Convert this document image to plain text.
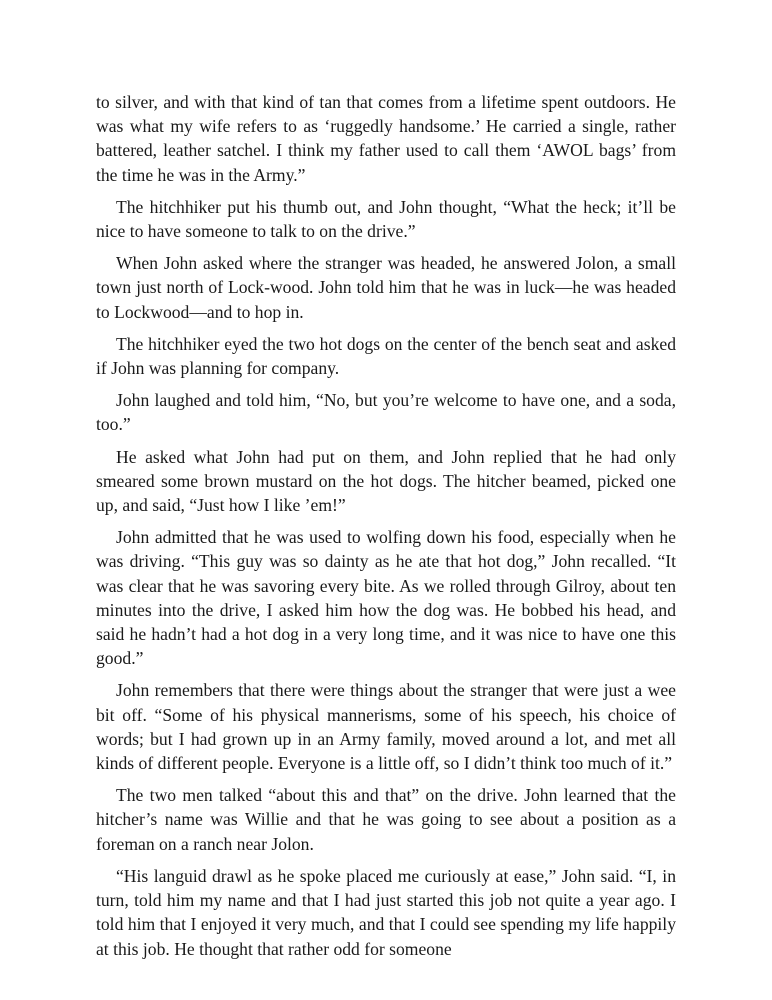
to silver, and with that kind of tan that comes from a lifetime spent outdoors. He was what my wife refers to as ‘ruggedly handsome.’ He carried a single, rather battered, leather satchel. I think my father used to call them ‘AWOL bags’ from the time he was in the Army.”

The hitchhiker put his thumb out, and John thought, “What the heck; it’ll be nice to have someone to talk to on the drive.”

When John asked where the stranger was headed, he answered Jolon, a small town just north of Lock-wood. John told him that he was in luck—he was headed to Lockwood—and to hop in.

The hitchhiker eyed the two hot dogs on the center of the bench seat and asked if John was planning for company.

John laughed and told him, “No, but you’re welcome to have one, and a soda, too.”

He asked what John had put on them, and John replied that he had only smeared some brown mustard on the hot dogs. The hitcher beamed, picked one up, and said, “Just how I like ’em!”

John admitted that he was used to wolfing down his food, especially when he was driving. “This guy was so dainty as he ate that hot dog,” John recalled. “It was clear that he was savoring every bite. As we rolled through Gilroy, about ten minutes into the drive, I asked him how the dog was. He bobbed his head, and said he hadn’t had a hot dog in a very long time, and it was nice to have one this good.”

John remembers that there were things about the stranger that were just a wee bit off. “Some of his physical mannerisms, some of his speech, his choice of words; but I had grown up in an Army family, moved around a lot, and met all kinds of different people. Everyone is a little off, so I didn’t think too much of it.”

The two men talked “about this and that” on the drive. John learned that the hitcher’s name was Willie and that he was going to see about a position as a foreman on a ranch near Jolon.

“His languid drawl as he spoke placed me curiously at ease,” John said. “I, in turn, told him my name and that I had just started this job not quite a year ago. I told him that I enjoyed it very much, and that I could see spending my life happily at this job. He thought that rather odd for someone
